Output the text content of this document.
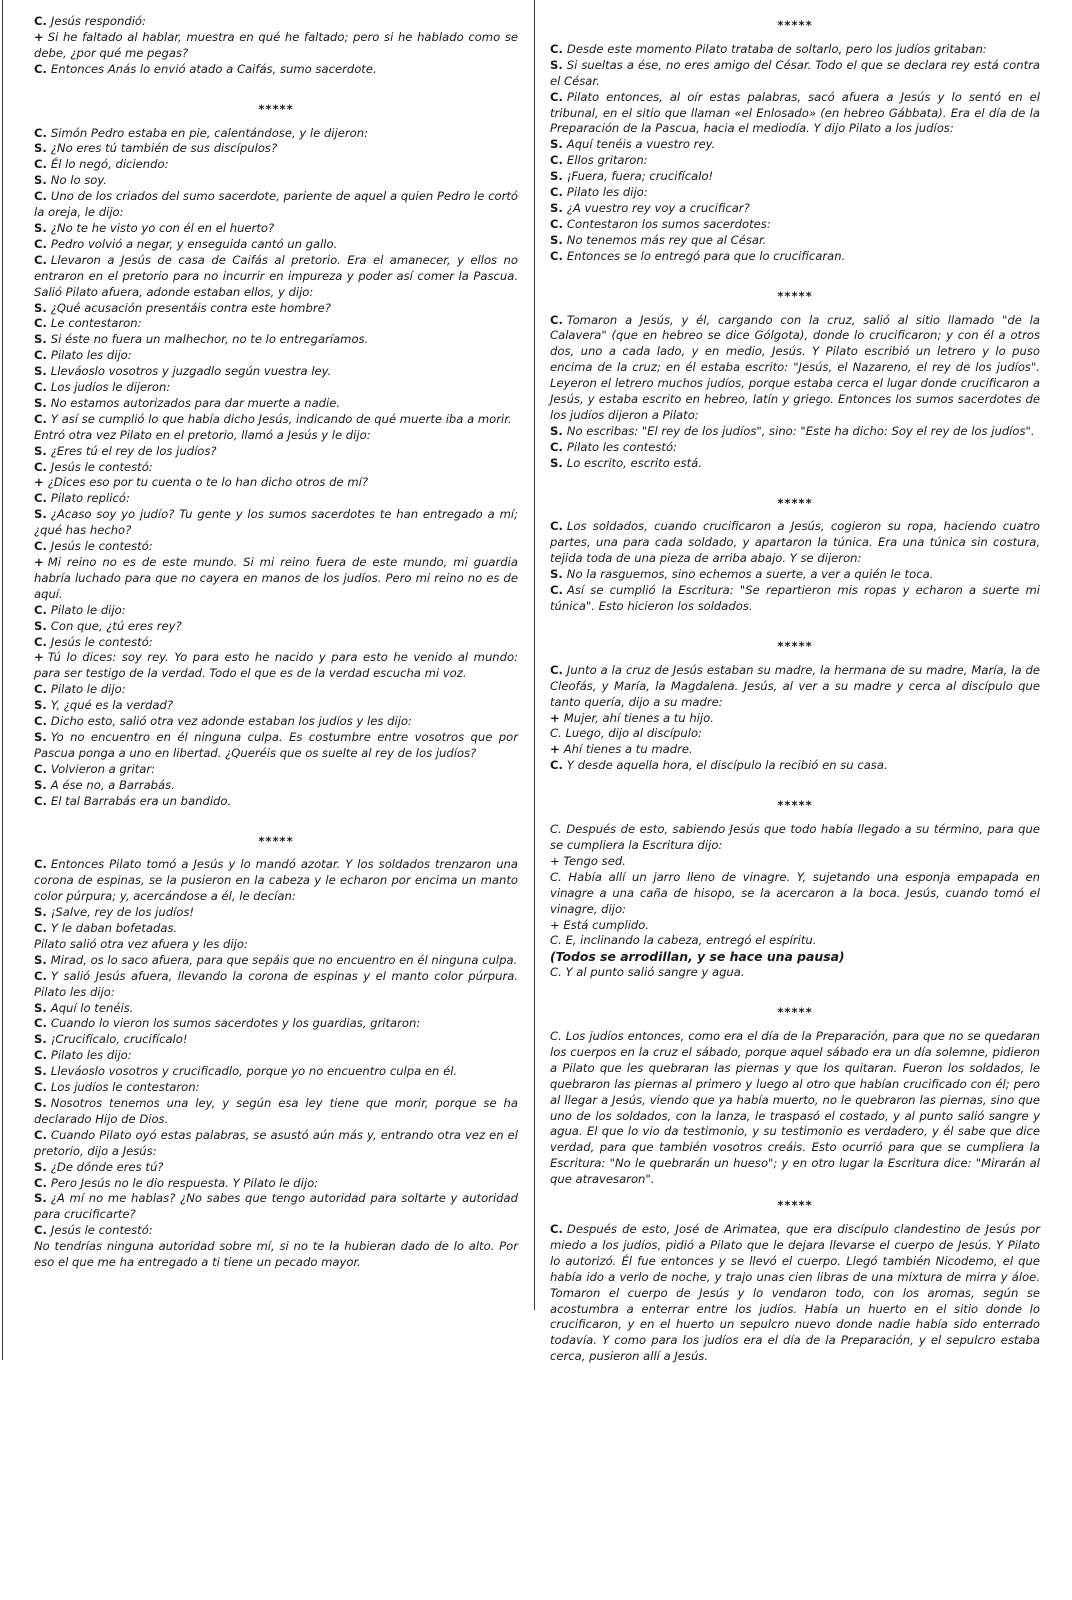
C. Jesús respondió:

+ Si he faltado al hablar, muestra en qué he faltado; pero si he hablado como se debe, ¿por qué me pegas?

C. Entonces Anás lo envió atado a Caifás, sumo sacerdote.

*****

C. Simón Pedro estaba en pie, calentándose, y le dijeron:

S. ¿No eres tú también de sus discípulos?

C. Él lo negó, diciendo:

S. No lo soy.

C. Uno de los criados del sumo sacerdote, pariente de aquel a quien Pedro le cortó la oreja, le dijo:

S. ¿No te he visto yo con él en el huerto?

C. Pedro volvió a negar, y enseguida cantó un gallo.

C. Llevaron a Jesús de casa de Caifás al pretorio. Era el amanecer, y ellos no entraron en el pretorio para no incurrir en impureza y poder así comer la Pascua. Salió Pilato afuera, adonde estaban ellos, y dijo:

S. ¿Qué acusación presentáis contra este hombre?

C. Le contestaron:

S. Si éste no fuera un malhechor, no te lo entregaríamos.

C. Pilato les dijo:

S. Lleváoslo vosotros y juzgadlo según vuestra ley.

C. Los judíos le dijeron:

S. No estamos autorizados para dar muerte a nadie.

C. Y así se cumplió lo que había dicho Jesús, indicando de qué muerte iba a morir.

Entró otra vez Pilato en el pretorio, llamó a Jesús y le dijo:

S. ¿Eres tú el rey de los judíos?

C. Jesús le contestó:

+ ¿Dices eso por tu cuenta o te lo han dicho otros de mí?

C. Pilato replicó:

S. ¿Acaso soy yo judío? Tu gente y los sumos sacerdotes te han entregado a mí; ¿qué has hecho?

C. Jesús le contestó:

+ Mi reino no es de este mundo. Si mi reino fuera de este mundo, mi guardia habría luchado para que no cayera en manos de los judíos. Pero mi reino no es de aquí.

C. Pilato le dijo:

S. Con que, ¿tú eres rey?

C. Jesús le contestó:

+ Tú lo dices: soy rey. Yo para esto he nacido y para esto he venido al mundo: para ser testigo de la verdad. Todo el que es de la verdad escucha mi voz.

C. Pilato le dijo:

S. Y, ¿qué es la verdad?

C. Dicho esto, salió otra vez adonde estaban los judíos y les dijo:

S. Yo no encuentro en él ninguna culpa. Es costumbre entre vosotros que por Pascua ponga a uno en libertad. ¿Queréis que os suelte al rey de los judíos?

C. Volvieron a gritar:

S. A ése no, a Barrabás.

C. El tal Barrabás era un bandido.

*****

C. Entonces Pilato tomó a Jesús y lo mandó azotar. Y los soldados trenzaron una corona de espinas, se la pusieron en la cabeza y le echaron por encima un manto color púrpura; y, acercándose a él, le decían:

S. ¡Salve, rey de los judíos!

C. Y le daban bofetadas.

Pilato salió otra vez afuera y les dijo:

S. Mirad, os lo saco afuera, para que sepáis que no encuentro en él ninguna culpa.

C. Y salió Jesús afuera, llevando la corona de espinas y el manto color púrpura. Pilato les dijo:

S. Aquí lo tenéis.

C. Cuando lo vieron los sumos sacerdotes y los guardias, gritaron:

S. ¡Crucifícalo, crucifícalo!

C. Pilato les dijo:

S. Lleváoslo vosotros y crucificadlo, porque yo no encuentro culpa en él.

C. Los judíos le contestaron:

S. Nosotros tenemos una ley, y según esa ley tiene que morir, porque se ha declarado Hijo de Dios.

C. Cuando Pilato oyó estas palabras, se asustó aún más y, entrando otra vez en el pretorio, dijo a Jesús:

S. ¿De dónde eres tú?

C. Pero Jesús no le dio respuesta. Y Pilato le dijo:

S. ¿A mí no me hablas? ¿No sabes que tengo autoridad para soltarte y autoridad para crucificarte?

C. Jesús le contestó:

No tendrías ninguna autoridad sobre mí, si no te la hubieran dado de lo alto. Por eso el que me ha entregado a ti tiene un pecado mayor.

*****

C. Desde este momento Pilato trataba de soltarlo, pero los judíos gritaban:

S. Si sueltas a ése, no eres amigo del César. Todo el que se declara rey está contra el César.

C. Pilato entonces, al oír estas palabras, sacó afuera a Jesús y lo sentó en el tribunal, en el sitio que llaman «el Enlosado» (en hebreo Gábbata). Era el día de la Preparación de la Pascua, hacia el mediodía. Y dijo Pilato a los judíos:

S. Aquí tenéis a vuestro rey.

C. Ellos gritaron:

S. ¡Fuera, fuera; crucifícalo!

C. Pilato les dijo:

S. ¿A vuestro rey voy a crucificar?

C. Contestaron los sumos sacerdotes:

S. No tenemos más rey que al César.

C. Entonces se lo entregó para que lo crucificaran.

*****

C. Tomaron a Jesús, y él, cargando con la cruz, salió al sitio llamado "de la Calavera" (que en hebreo se dice Gólgota), donde lo crucificaron; y con él a otros dos, uno a cada lado, y en medio, Jesús. Y Pilato escribió un letrero y lo puso encima de la cruz; en él estaba escrito: "Jesús, el Nazareno, el rey de los judíos". Leyeron el letrero muchos judíos, porque estaba cerca el lugar donde crucificaron a Jesús, y estaba escrito en hebreo, latín y griego. Entonces los sumos sacerdotes de los judíos dijeron a Pilato:

S. No escribas: "El rey de los judíos", sino: "Este ha dicho: Soy el rey de los judíos".

C. Pilato les contestó:

S. Lo escrito, escrito está.

*****

C. Los soldados, cuando crucificaron a Jesús, cogieron su ropa, haciendo cuatro partes, una para cada soldado, y apartaron la túnica. Era una túnica sin costura, tejida toda de una pieza de arriba abajo. Y se dijeron:

S. No la rasguemos, sino echemos a suerte, a ver a quién le toca.

C. Así se cumplió la Escritura: "Se repartieron mis ropas y echaron a suerte mi túnica". Esto hicieron los soldados.

*****

C. Junto a la cruz de Jesús estaban su madre, la hermana de su madre, María, la de Cleofás, y María, la Magdalena. Jesús, al ver a su madre y cerca al discípulo que tanto quería, dijo a su madre:

+ Mujer, ahí tienes a tu hijo.

C. Luego, dijo al discípulo:

+ Ahí tienes a tu madre.

C. Y desde aquella hora, el discípulo la recibió en su casa.

*****

C. Después de esto, sabiendo Jesús que todo había llegado a su término, para que se cumpliera la Escritura dijo:

+ Tengo sed.

C. Había allí un jarro lleno de vinagre. Y, sujetando una esponja empapada en vinagre a una caña de hisopo, se la acercaron a la boca. Jesús, cuando tomó el vinagre, dijo:

+ Está cumplido.

C. E, inclinando la cabeza, entregó el espíritu.

(Todos se arrodillan, y se hace una pausa)

C. Y al punto salió sangre y agua.

*****

C. Los judíos entonces, como era el día de la Preparación, para que no se quedaran los cuerpos en la cruz el sábado, porque aquel sábado era un día solemne, pidieron a Pilato que les quebraran las piernas y que los quitaran. Fueron los soldados, le quebraron las piernas al primero y luego al otro que habían crucificado con él; pero al llegar a Jesús, viendo que ya había muerto, no le quebraron las piernas, sino que uno de los soldados, con la lanza, le traspasó el costado, y al punto salió sangre y agua. El que lo vio da testimonio, y su testimonio es verdadero, y él sabe que dice verdad, para que también vosotros creáis. Esto ocurrió para que se cumpliera la Escritura: "No le quebrarán un hueso"; y en otro lugar la Escritura dice: "Mirarán al que atravesaron".

*****

C. Después de esto, José de Arimatea, que era discípulo clandestino de Jesús por miedo a los judíos, pidió a Pilato que le dejara llevarse el cuerpo de Jesús. Y Pilato lo autorizó. Él fue entonces y se llevó el cuerpo. Llegó también Nicodemo, el que había ido a verlo de noche, y trajo unas cien libras de una mixtura de mirra y áloe. Tomaron el cuerpo de Jesús y lo vendaron todo, con los aromas, según se acostumbra a enterrar entre los judíos. Había un huerto en el sitio donde lo crucificaron, y en el huerto un sepulcro nuevo donde nadie había sido enterrado todavía. Y como para los judíos era el día de la Preparación, y el sepulcro estaba cerca, pusieron allí a Jesús.
